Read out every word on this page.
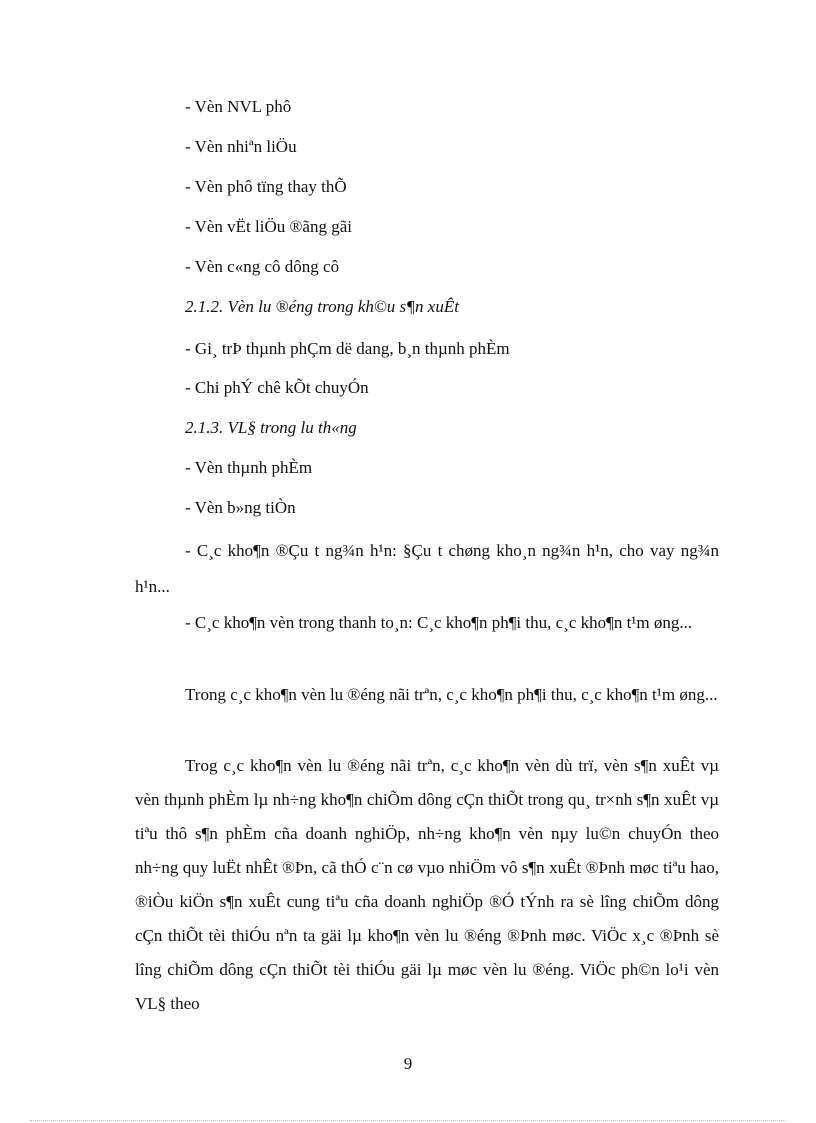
- Vèn NVL phô
- Vèn nhiªn liÖu
- Vèn phô tïng thay thÕ
- Vèn vËt liÖu ®ãng gãi
- Vèn c«ng cô dông cô
2.1.2. Vèn lu ®éng trong kh©u s¶n xuÊt
- Gi¸ trÞ thµnh phÇm dë dang, b¸n thµnh phÈm
- Chi phÝ chê kÕt chuyÓn
2.1.3. VL§ trong lu th«ng
- Vèn thµnh phÈm
- Vèn b»ng tiÒn
- C¸c kho¶n ®Çu t ng¾n h¹n: §Çu t chøng kho¸n ng¾n h¹n, cho vay ng¾n h¹n...
- C¸c kho¶n vèn trong thanh to¸n: C¸c kho¶n ph¶i thu, c¸c kho¶n t¹m øng...
Trong c¸c kho¶n vèn lu ®éng nãi trªn, c¸c kho¶n ph¶i thu, c¸c kho¶n t¹m øng...
Trog c¸c kho¶n vèn lu ®éng nãi trªn, c¸c kho¶n vèn dù trï, vèn s¶n xuÊt vµ vèn thµnh phÈm lµ nh÷ng kho¶n chiÕm dông cÇn thiÕt trong qu¸ tr×nh s¶n xuÊt vµ tiªu thô s¶n phÈm cña doanh nghiÖp, nh÷ng kho¶n vèn nµy lu©n chuyÓn theo nh÷ng quy luËt nhÊt ®Þn, cã thÓ c¨n cø vµo nhiÖm vô s¶n xuÊt ®Þnh møc tiªu hao, ®iÒu kiÖn s¶n xuÊt cung tiªu cña doanh nghiÖp ®Ó tÝnh ra sè lîng chiÕm dông cÇn thiÕt tèi thiÓu nªn ta gäi lµ kho¶n vèn lu ®éng ®Þnh møc. ViÖc x¸c ®Þnh sè lîng chiÕm dông cÇn thiÕt tèi thiÓu gäi lµ møc vèn lu ®éng. ViÖc ph©n lo¹i vèn VL§ theo
9
